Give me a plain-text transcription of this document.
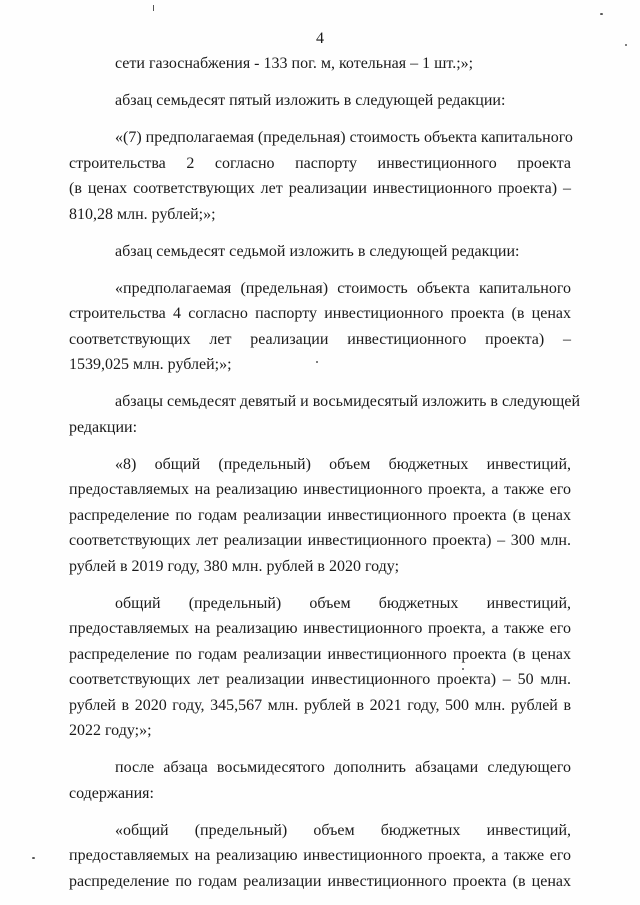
4
сети газоснабжения - 133 пог. м, котельная – 1 шт.;»;
абзац семьдесят пятый изложить в следующей редакции:
«(7) предполагаемая (предельная) стоимость объекта капитального
строительства 2 согласно паспорту инвестиционного проекта
(в ценах соответствующих лет реализации инвестиционного проекта) –
810,28 млн. рублей;»;
абзац семьдесят седьмой изложить в следующей редакции:
«предполагаемая (предельная) стоимость объекта капитального
строительства 4 согласно паспорту инвестиционного проекта (в ценах
соответствующих лет реализации инвестиционного проекта) –
1539,025 млн. рублей;»;
абзацы семьдесят девятый и восьмидесятый изложить в следующей
редакции:
«8) общий (предельный) объем бюджетных инвестиций,
предоставляемых на реализацию инвестиционного проекта, а также его
распределение по годам реализации инвестиционного проекта (в ценах
соответствующих лет реализации инвестиционного проекта) – 300 млн.
рублей в 2019 году, 380 млн. рублей в 2020 году;
общий (предельный) объем бюджетных инвестиций,
предоставляемых на реализацию инвестиционного проекта, а также его
распределение по годам реализации инвестиционного проекта (в ценах
соответствующих лет реализации инвестиционного проекта) – 50 млн.
рублей в 2020 году, 345,567 млн. рублей в 2021 году, 500 млн. рублей в
2022 году;»;
после абзаца восьмидесятого дополнить абзацами следующего
содержания:
«общий (предельный) объем бюджетных инвестиций,
предоставляемых на реализацию инвестиционного проекта, а также его
распределение по годам реализации инвестиционного проекта (в ценах
